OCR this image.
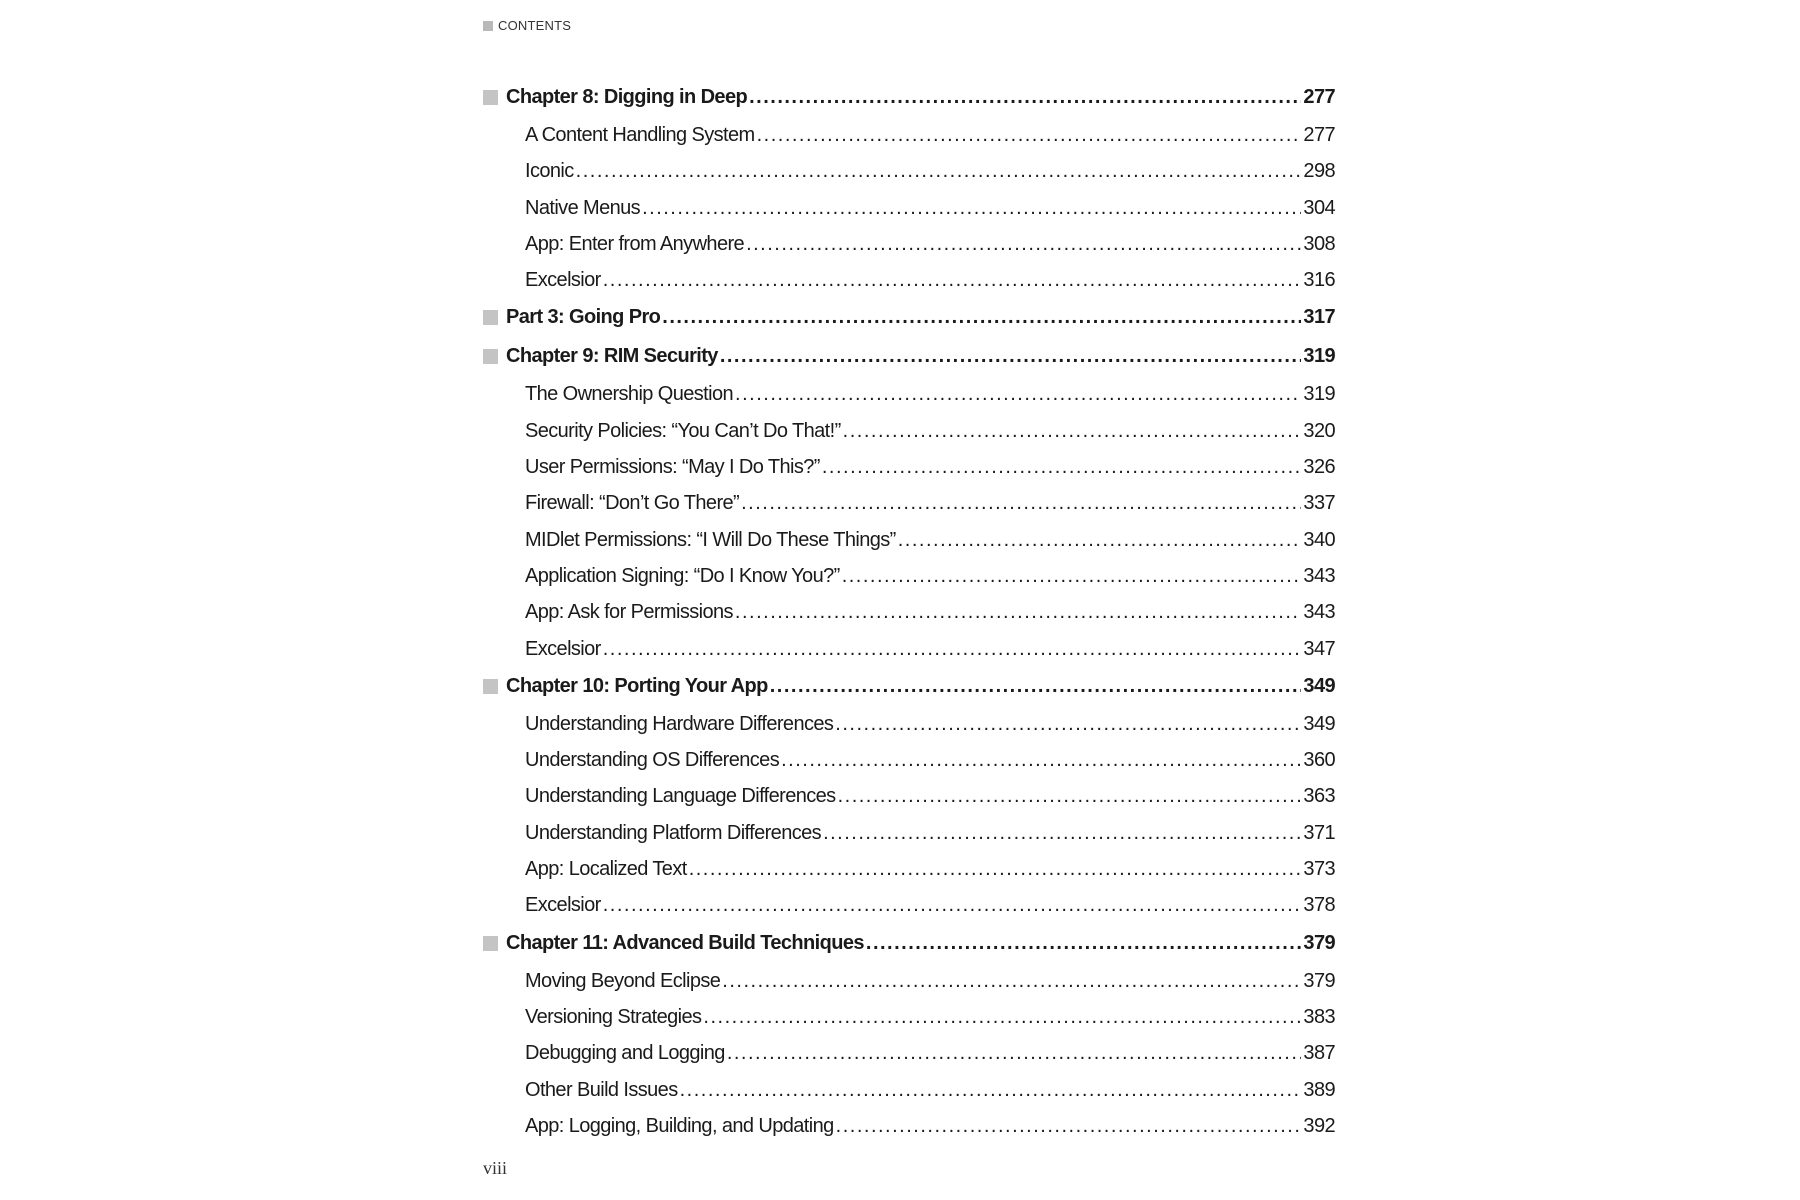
CONTENTS
Chapter 8: Digging in Deep .....	277
A Content Handling System .....	277
Iconic .....	298
Native Menus .....	304
App: Enter from Anywhere .....	308
Excelsior .....	316
Part 3: Going Pro .....	317
Chapter 9: RIM Security .....	319
The Ownership Question .....	319
Security Policies: “You Can’t Do That!” .....	320
User Permissions: “May I Do This?” .....	326
Firewall: “Don’t Go There” .....	337
MIDlet Permissions: “I Will Do These Things” .....	340
Application Signing: “Do I Know You?” .....	343
App: Ask for Permissions .....	343
Excelsior .....	347
Chapter 10: Porting Your App .....	349
Understanding Hardware Differences .....	349
Understanding OS Differences .....	360
Understanding Language Differences .....	363
Understanding Platform Differences .....	371
App: Localized Text .....	373
Excelsior .....	378
Chapter 11: Advanced Build Techniques .....	379
Moving Beyond Eclipse .....	379
Versioning Strategies .....	383
Debugging and Logging .....	387
Other Build Issues .....	389
App: Logging, Building, and Updating .....	392
viii
